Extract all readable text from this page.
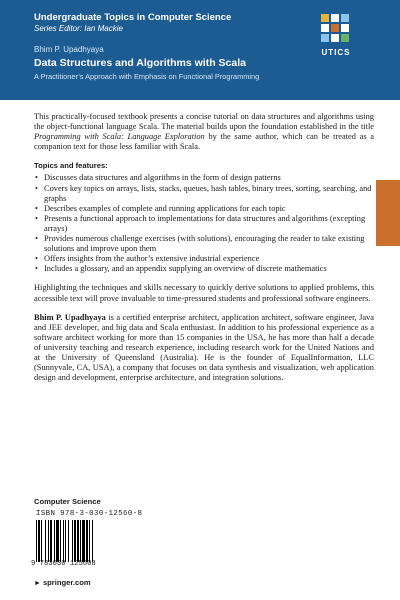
Undergraduate Topics in Computer Science
Series Editor: Ian Mackie
Bhim P. Upadhyaya
Data Structures and Algorithms with Scala
A Practitioner’s Approach with Emphasis on Functional Programming
UTICS

This practically-focused textbook presents a concise tutorial on data structures and algorithms using the object-functional language Scala. The material builds upon the foundation established in the title Programming with Scala: Language Exploration by the same author, which can be treated as a companion text for those less familiar with Scala.

Topics and features:
• Discusses data structures and algorithms in the form of design patterns
• Covers key topics on arrays, lists, stacks, queues, hash tables, binary trees, sorting, searching, and graphs
• Describes examples of complete and running applications for each topic
• Presents a functional approach to implementations for data structures and algorithms (excepting arrays)
• Provides numerous challenge exercises (with solutions), encouraging the reader to take existing solutions and improve upon them
• Offers insights from the author’s extensive industrial experience
• Includes a glossary, and an appendix supplying an overview of discrete mathematics

Highlighting the techniques and skills necessary to quickly derive solutions to applied problems, this accessible text will prove invaluable to time-pressured students and professional software engineers.

Bhim P. Upadhyaya is a certified enterprise architect, application architect, software engineer, Java and JEE developer, and big data and Scala enthusiast. In addition to his professional experience as a software architect working for more than 15 companies in the USA, he has more than half a decade of university teaching and research experience, including research work for the United Nations and at the University of Queensland (Australia). He is the founder of EqualInformation, LLC (Sunnyvale, CA, USA), a company that focuses on data synthesis and visualization, web application design and development, enterprise architecture, and integration solutions.

Computer Science
ISBN 978-3-030-12560-8
9 783030 125608
► springer.com
